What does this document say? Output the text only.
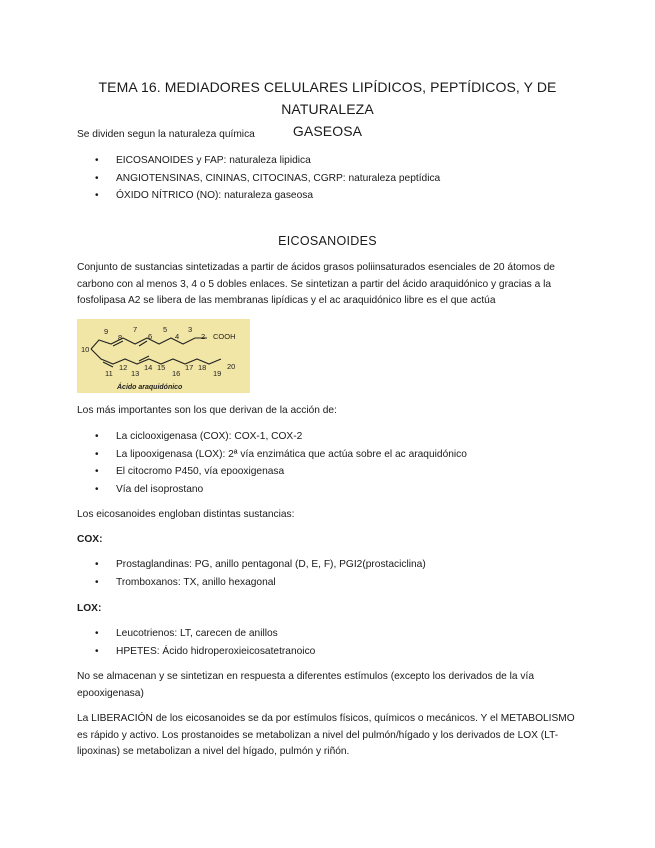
TEMA 16. MEDIADORES CELULARES LIPÍDICOS, PEPTÍDICOS, Y DE NATURALEZA
GASEOSA
Se dividen segun la naturaleza química
• EICOSANOIDES y FAP: naturaleza lipidica
• ANGIOTENSINAS, CININAS, CITOCINAS, CGRP: naturaleza peptídica
• ÓXIDO NÍTRICO (NO): naturaleza gaseosa
EICOSANOIDES
Conjunto de sustancias sintetizadas a partir de ácidos grasos poliinsaturados esenciales de 20 átomos de
carbono con al menos 3, 4 o 5 dobles enlaces. Se sintetizan a partir del ácido araquidónico y gracias a la
fosfolipasa A2 se libera de las membranas lipídicas y el ac araquidónico libre es el que actúa
9
8
7
6
5
4
3
2 COOH
10
11
12
13
14 15
16
17 18
19
20
Ácido araquidónico
Los más importantes son los que derivan de la acción de:
• La ciclooxigenasa (COX): COX-1, COX-2
• La lipooxigenasa (LOX): 2ª vía enzimática que actúa sobre el ac araquidónico
• El citocromo P450, vía epooxigenasa
• Vía del isoprostano
Los eicosanoides engloban distintas sustancias:
COX:
• Prostaglandinas: PG, anillo pentagonal (D, E, F), PGI2(prostaciclina)
• Tromboxanos: TX, anillo hexagonal
LOX:
• Leucotrienos: LT, carecen de anillos
• HPETES: Ácido hidroperoxieicosatetranoico
No se almacenan y se sintetizan en respuesta a diferentes estímulos (excepto los derivados de la vía
epooxigenasa)
La LIBERACIÓN de los eicosanoides se da por estímulos físicos, químicos o mecánicos. Y el METABOLISMO
es rápido y activo. Los prostanoides se metabolizan a nivel del pulmón/hígado y los derivados de LOX (LT-
lipoxinas) se metabolizan a nivel del hígado, pulmón y riñón.
